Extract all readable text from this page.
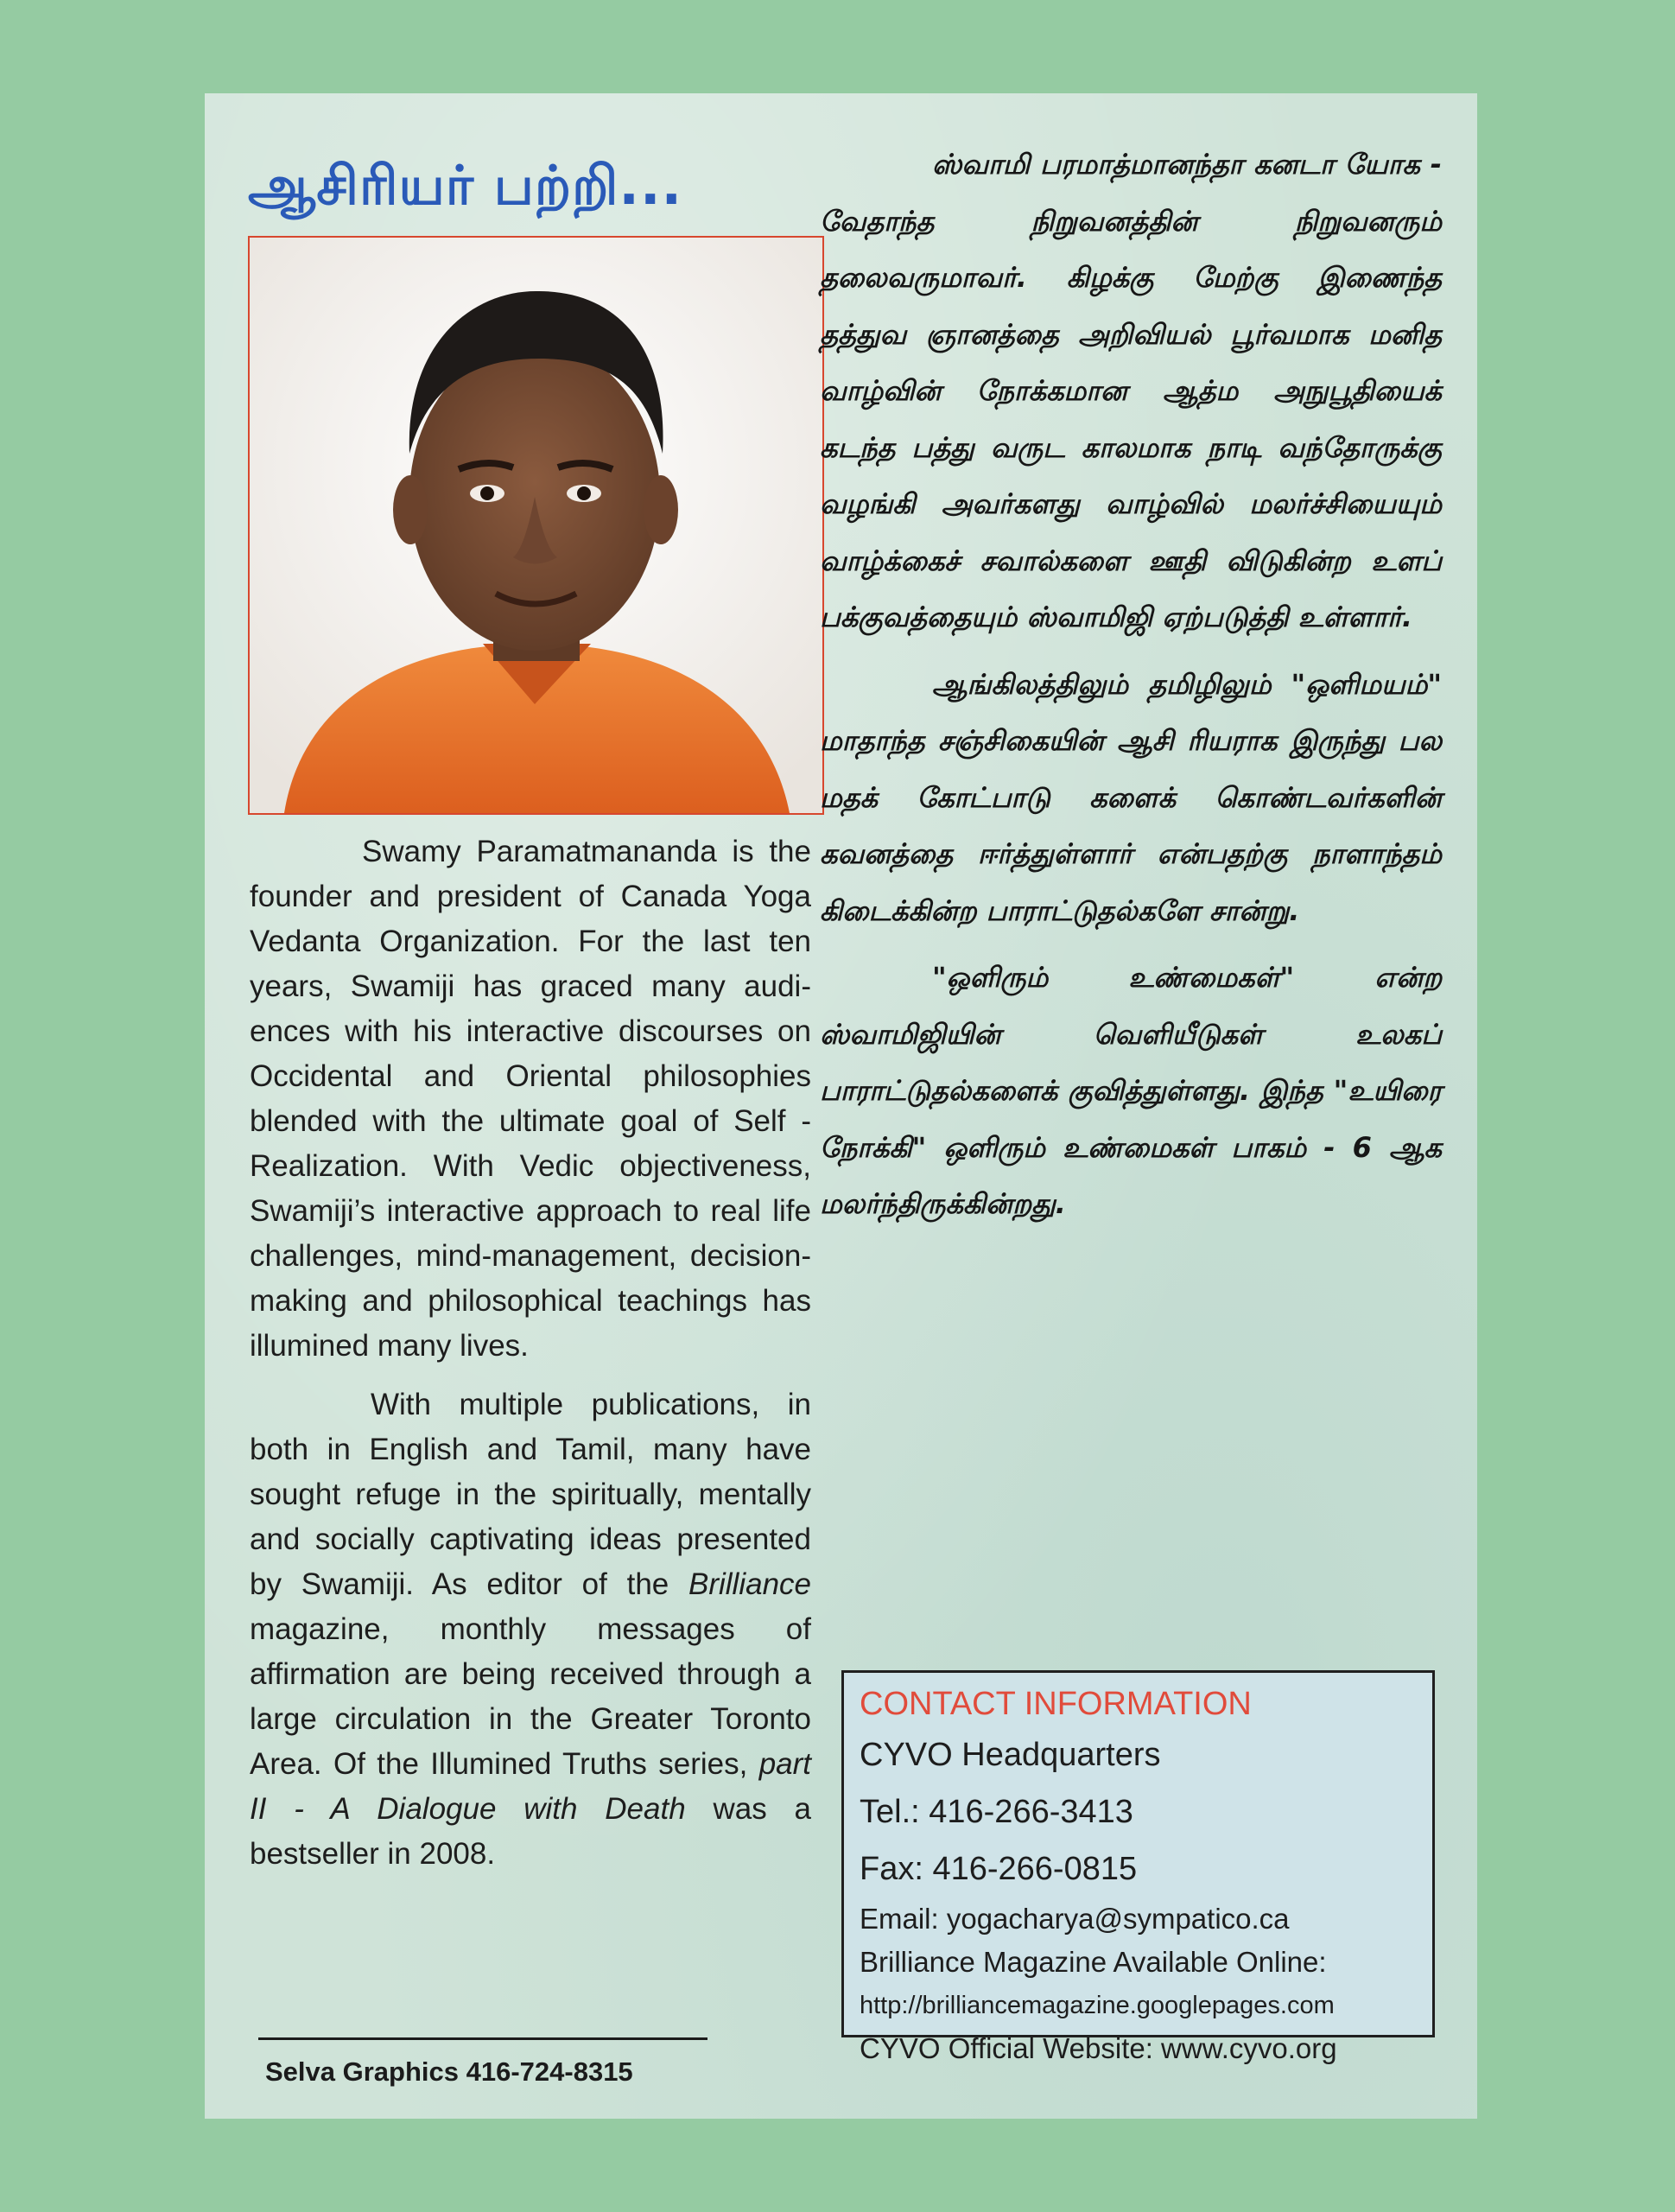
ஆசிரியர் பற்றி...

Swamy Paramatmananda is the founder and president of Canada Yoga Vedanta Organization. For the last ten years, Swamiji has graced many audiences with his interactive discourses on Occidental and Oriental philosophies blended with the ultimate goal of Self - Realization. With Vedic objectiveness, Swamiji’s interactive approach to real life challenges, mind-management, decision-making and philosophical teachings has illumined many lives.

With multiple publications, in both in English and Tamil, many have sought refuge in the spiritually, mentally and socially captivating ideas presented by Swamiji. As editor of the Brilliance magazine, monthly messages of affirmation are being received through a large circulation in the Greater Toronto Area. Of the Illumined Truths series, part II - A Dialogue with Death was a bestseller in 2008.

Selva Graphics 416-724-8315

ஸ்வாமி பரமாத்மானந்தா கனடா யோக - வேதாந்த நிறுவனத்தின் நிறுவனரும் தலைவருமாவர். கிழக்கு மேற்கு இணைந்த தத்துவ ஞானத்தை அறிவியல் பூர்வமாக மனித வாழ்வின் நோக்கமான ஆத்ம அநுபூதியைக் கடந்த பத்து வருட காலமாக நாடி வந்தோருக்கு வழங்கி அவர்களது வாழ்வில் மலர்ச்சியையும் வாழ்க்கைச் சவால்களை ஊதி விடுகின்ற உளப் பக்குவத்தையும் ஸ்வாமிஜி ஏற்படுத்தி உள்ளார்.

ஆங்கிலத்திலும் தமிழிலும் "ஒளிமயம்" மாதாந்த சஞ்சிகையின் ஆசி ரியராக இருந்து பல மதக் கோட்பாடு களைக் கொண்டவர்களின் கவனத்தை ஈர்த்துள்ளார் என்பதற்கு நாளாந்தம் கிடைக்கின்ற பாராட்டுதல்களே சான்று.

"ஒளிரும் உண்மைகள்" என்ற ஸ்வாமிஜியின் வெளியீடுகள் உலகப் பாராட்டுதல்களைக் குவித்துள்ளது. இந்த "உயிரை நோக்கி" ஒளிரும் உண்மைகள் பாகம் - 6 ஆக மலர்ந்திருக்கின்றது.

CONTACT INFORMATION
CYVO Headquarters
Tel.: 416-266-3413
Fax: 416-266-0815
Email: yogacharya@sympatico.ca
Brilliance Magazine Available Online:
http://brilliancemagazine.googlepages.com
CYVO Official Website: www.cyvo.org
